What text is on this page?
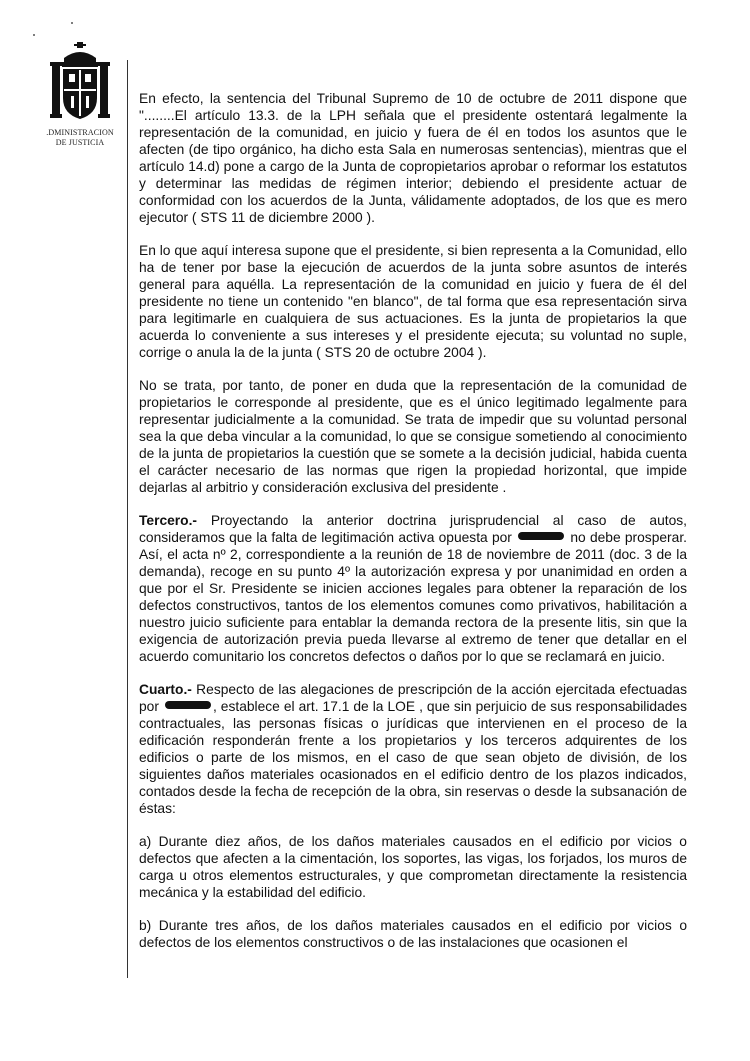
.DMINISTRACION
DE JUSTICIA

En efecto, la sentencia del Tribunal Supremo de 10 de octubre de 2011 dispone que "........El artículo 13.3. de la LPH señala que el presidente ostentará legalmente la representación de la comunidad, en juicio y fuera de él en todos los asuntos que le afecten (de tipo orgánico, ha dicho esta Sala en numerosas sentencias), mientras que el artículo 14.d) pone a cargo de la Junta de copropietarios aprobar o reformar los estatutos y determinar las medidas de régimen interior; debiendo el presidente actuar de conformidad con los acuerdos de la Junta, válidamente adoptados, de los que es mero ejecutor ( STS 11 de diciembre 2000 ).

En lo que aquí interesa supone que el presidente, si bien representa a la Comunidad, ello ha de tener por base la ejecución de acuerdos de la junta sobre asuntos de interés general para aquélla. La representación de la comunidad en juicio y fuera de él del presidente no tiene un contenido "en blanco", de tal forma que esa representación sirva para legitimarle en cualquiera de sus actuaciones. Es la junta de propietarios la que acuerda lo conveniente a sus intereses y el presidente ejecuta; su voluntad no suple, corrige o anula la de la junta ( STS 20 de octubre 2004 ).

No se trata, por tanto, de poner en duda que la representación de la comunidad de propietarios le corresponde al presidente, que es el único legitimado legalmente para representar judicialmente a la comunidad. Se trata de impedir que su voluntad personal sea la que deba vincular a la comunidad, lo que se consigue sometiendo al conocimiento de la junta de propietarios la cuestión que se somete a la decisión judicial, habida cuenta el carácter necesario de las normas que rigen la propiedad horizontal, que impide dejarlas al arbitrio y consideración exclusiva del presidente .

Tercero.- Proyectando la anterior doctrina jurisprudencial al caso de autos, consideramos que la falta de legitimación activa opuesta por	no debe prosperar. Así, el acta nº 2, correspondiente a la reunión de 18 de noviembre de 2011 (doc. 3 de la demanda), recoge en su punto 4º la autorización expresa y por unanimidad en orden a que por el Sr. Presidente se inicien acciones legales para obtener la reparación de los defectos constructivos, tantos de los elementos comunes como privativos, habilitación a nuestro juicio suficiente para entablar la demanda rectora de la presente litis, sin que la exigencia de autorización previa pueda llevarse al extremo de tener que detallar en el acuerdo comunitario los concretos defectos o daños por lo que se reclamará en juicio.

Cuarto.- Respecto de las alegaciones de prescripción de la acción ejercitada efectuadas por	, establece el art. 17.1 de la LOE , que sin perjuicio de sus responsabilidades contractuales, las personas físicas o jurídicas que intervienen en el proceso de la edificación responderán frente a los propietarios y los terceros adquirentes de los edificios o parte de los mismos, en el caso de que sean objeto de división, de los siguientes daños materiales ocasionados en el edificio dentro de los plazos indicados, contados desde la fecha de recepción de la obra, sin reservas o desde la subsanación de éstas:

a) Durante diez años, de los daños materiales causados en el edificio por vicios o defectos que afecten a la cimentación, los soportes, las vigas, los forjados, los muros de carga u otros elementos estructurales, y que comprometan directamente la resistencia mecánica y la estabilidad del edificio.

b) Durante tres años, de los daños materiales causados en el edificio por vicios o defectos de los elementos constructivos o de las instalaciones que ocasionen el
